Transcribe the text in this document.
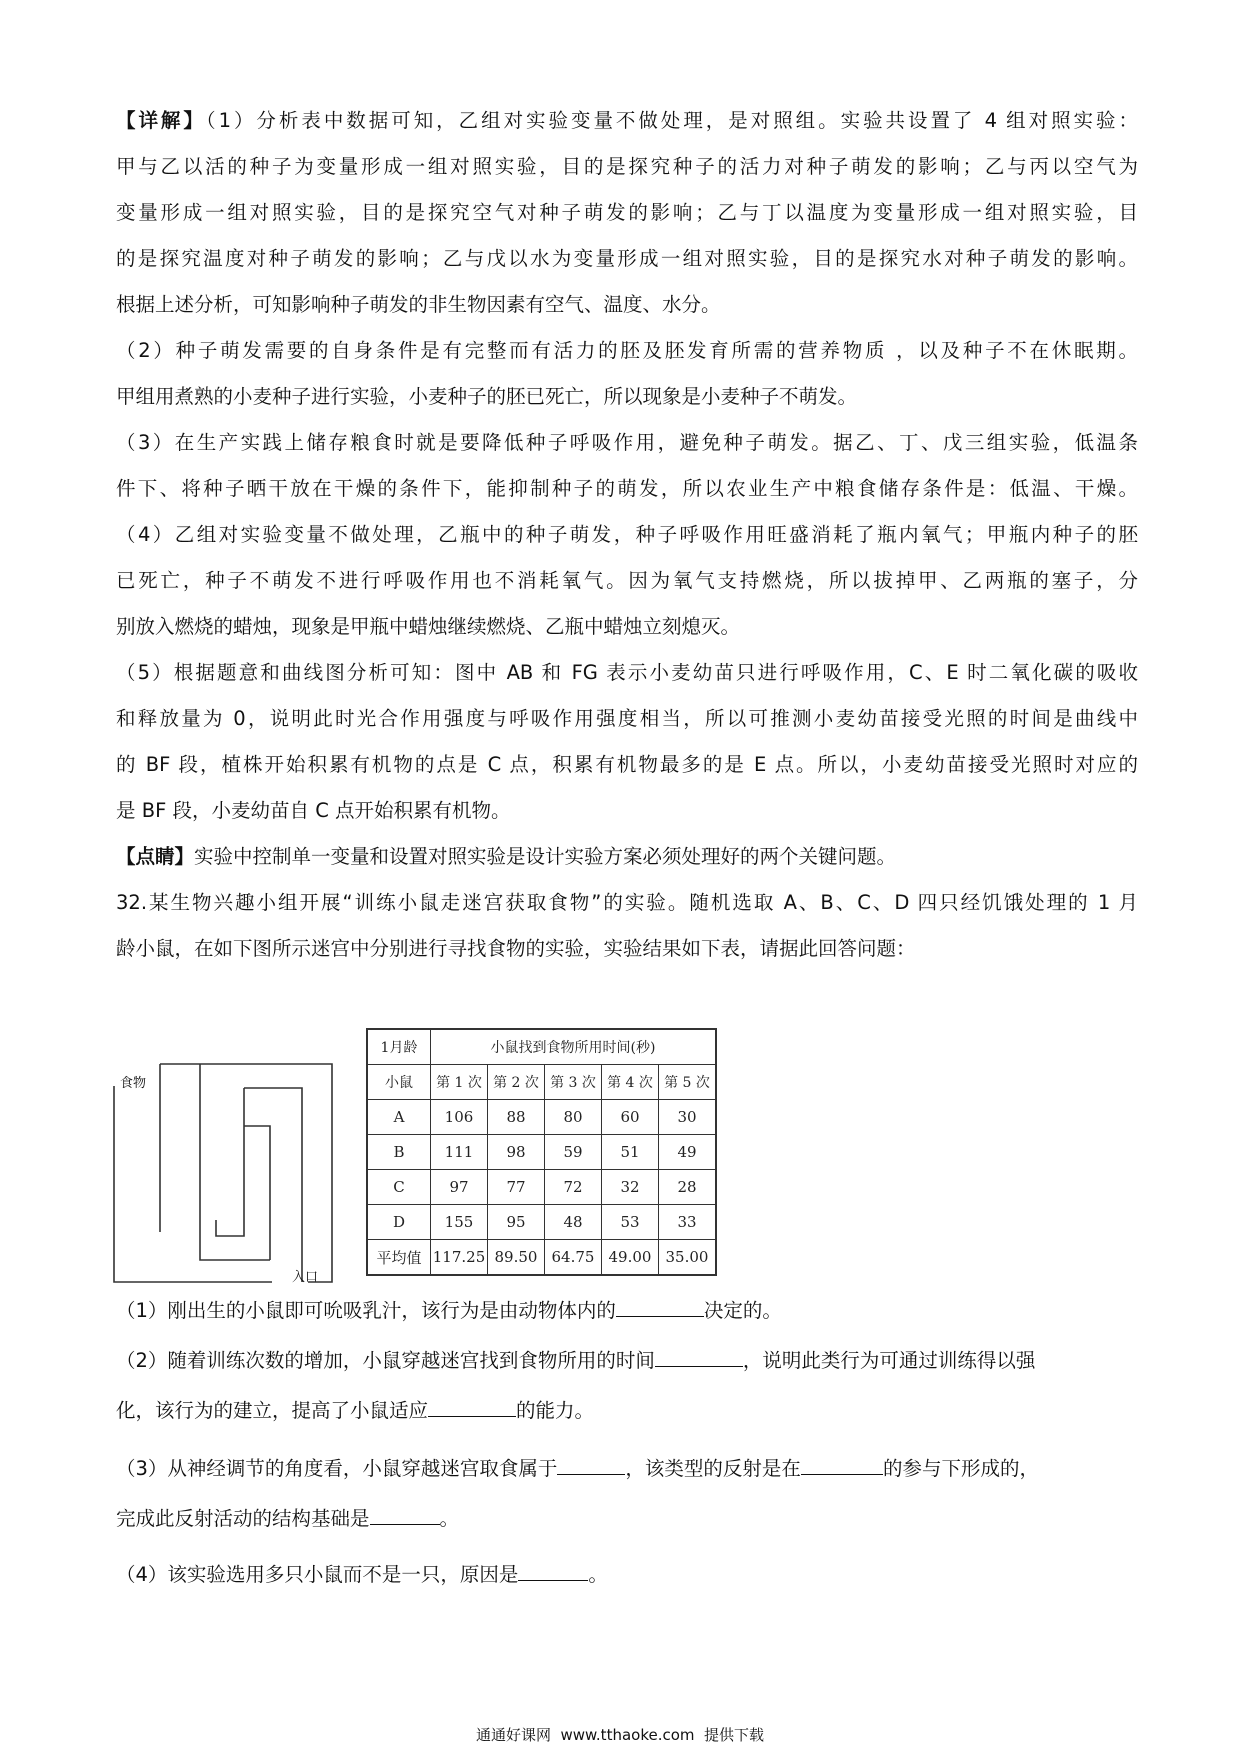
【详解】（1）分析表中数据可知，乙组对实验变量不做处理，是对照组。实验共设置了 4 组对照实验：
甲与乙以活的种子为变量形成一组对照实验，目的是探究种子的活力对种子萌发的影响；乙与丙以空气为
变量形成一组对照实验，目的是探究空气对种子萌发的影响；乙与丁以温度为变量形成一组对照实验，目
的是探究温度对种子萌发的影响；乙与戊以水为变量形成一组对照实验，目的是探究水对种子萌发的影响。
根据上述分析，可知影响种子萌发的非生物因素有空气、温度、水分。
（2）种子萌发需要的自身条件是有完整而有活力的胚及胚发育所需的营养物质 ，以及种子不在休眠期。
甲组用煮熟的小麦种子进行实验，小麦种子的胚已死亡，所以现象是小麦种子不萌发。
（3）在生产实践上储存粮食时就是要降低种子呼吸作用，避免种子萌发。据乙、丁、戊三组实验，低温条
件下、将种子晒干放在干燥的条件下，能抑制种子的萌发，所以农业生产中粮食储存条件是：低温、干燥。
（4）乙组对实验变量不做处理，乙瓶中的种子萌发，种子呼吸作用旺盛消耗了瓶内氧气；甲瓶内种子的胚
已死亡，种子不萌发不进行呼吸作用也不消耗氧气。因为氧气支持燃烧，所以拔掉甲、乙两瓶的塞子，分
别放入燃烧的蜡烛，现象是甲瓶中蜡烛继续燃烧、乙瓶中蜡烛立刻熄灭。
（5）根据题意和曲线图分析可知：图中 AB 和 FG 表示小麦幼苗只进行呼吸作用，C、E 时二氧化碳的吸收
和释放量为 0，说明此时光合作用强度与呼吸作用强度相当，所以可推测小麦幼苗接受光照的时间是曲线中
的 BF 段，植株开始积累有机物的点是 C 点，积累有机物最多的是 E 点。所以，小麦幼苗接受光照时对应的
是 BF 段，小麦幼苗自 C 点开始积累有机物。
【点睛】实验中控制单一变量和设置对照实验是设计实验方案必须处理好的两个关键问题。
32.某生物兴趣小组开展“训练小鼠走迷宫获取食物”的实验。随机选取 A、B、C、D 四只经饥饿处理的 1 月
龄小鼠，在如下图所示迷宫中分别进行寻找食物的实验，实验结果如下表，请据此回答问题：
食物
入口
1月龄	小鼠找到食物所用时间(秒)				
小鼠	第 1 次	第 2 次	第 3 次	第 4 次	第 5 次
A	106	88	80	60	30
B	111	98	59	51	49
C	97	77	72	32	28
D	155	95	48	53	33
平均值	117.25	89.50	64.75	49.00	35.00
（1）刚出生的小鼠即可吮吸乳汁，该行为是由动物体内的	决定的。
（2）随着训练次数的增加，小鼠穿越迷宫找到食物所用的时间	，说明此类行为可通过训练得以强
化，该行为的建立，提高了小鼠适应	的能力。
（3）从神经调节的角度看，小鼠穿越迷宫取食属于	，该类型的反射是在	的参与下形成的，
完成此反射活动的结构基础是	。
（4）该实验选用多只小鼠而不是一只，原因是	。
通通好课网  www.tthaoke.com  提供下载
